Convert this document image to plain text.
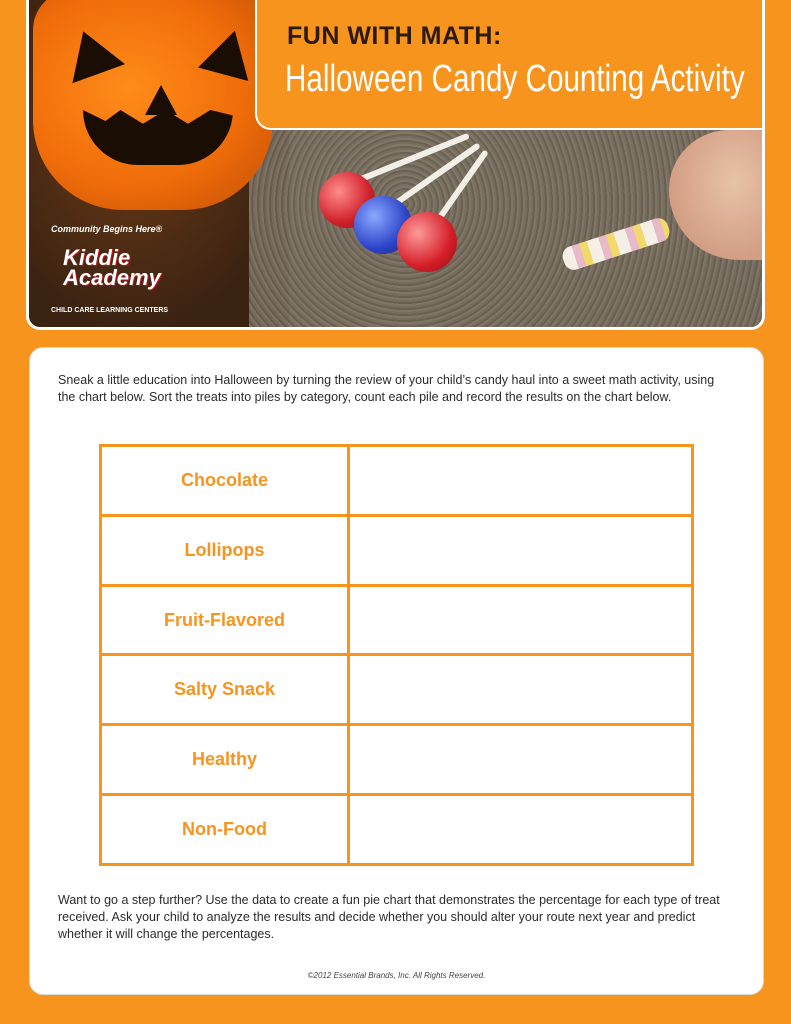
Community Begins Here®
Kiddie
Academy
CHILD CARE LEARNING CENTERS
FUN WITH MATH:
Halloween Candy Counting Activity
Sneak a little education into Halloween by turning the review of your child’s candy haul into a sweet math activity, using the chart below. Sort the treats into piles by category, count each pile and record the results on the chart below.
Chocolate	
Lollipops	
Fruit-Flavored	
Salty Snack	
Healthy	
Non-Food	
Want to go a step further? Use the data to create a fun pie chart that demonstrates the percentage for each type of treat received. Ask your child to analyze the results and decide whether you should alter your route next year and predict whether it will change the percentages.
©2012 Essential Brands, Inc. All Rights Reserved.
